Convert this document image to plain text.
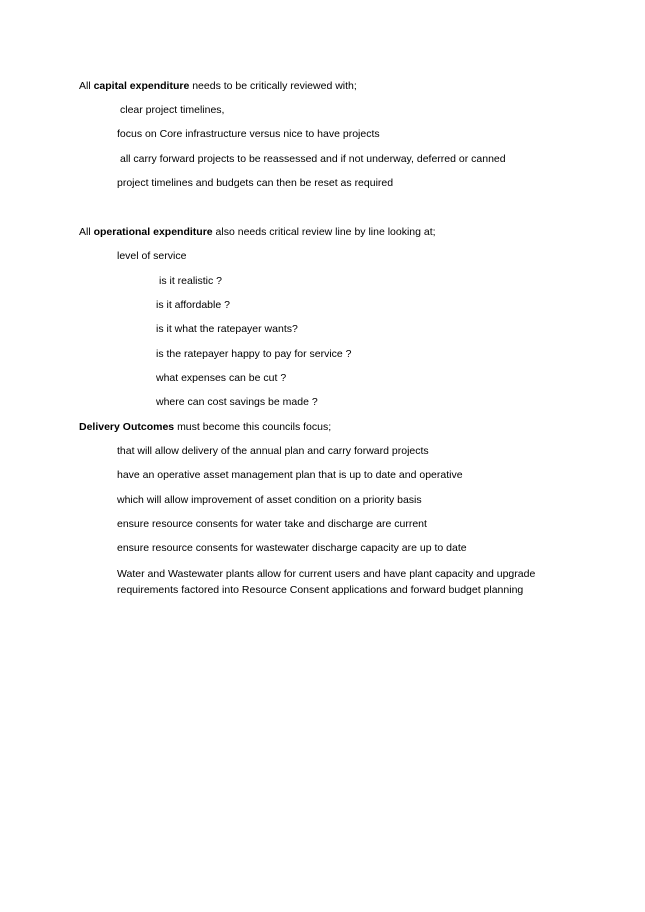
All capital expenditure needs to be critically reviewed with;
clear project timelines,
focus on Core infrastructure versus nice to have projects
all carry forward projects to be reassessed and if not underway, deferred or canned
project timelines and budgets can then be reset as required
All operational expenditure also needs critical review line by line looking at;
level of service
is it realistic ?
is it affordable ?
is it what the ratepayer wants?
is the ratepayer happy to pay for service ?
what expenses can be cut ?
where can cost savings be made ?
Delivery Outcomes must become this councils focus;
that will allow delivery of the annual plan and carry forward projects
have an operative asset management plan that is up to date and operative
which will allow improvement of asset condition on a priority basis
ensure resource consents for water take and discharge are current
ensure resource consents for wastewater discharge capacity are up to date
Water and Wastewater plants allow for current users and have plant capacity and upgrade requirements factored into Resource Consent applications and forward budget planning
